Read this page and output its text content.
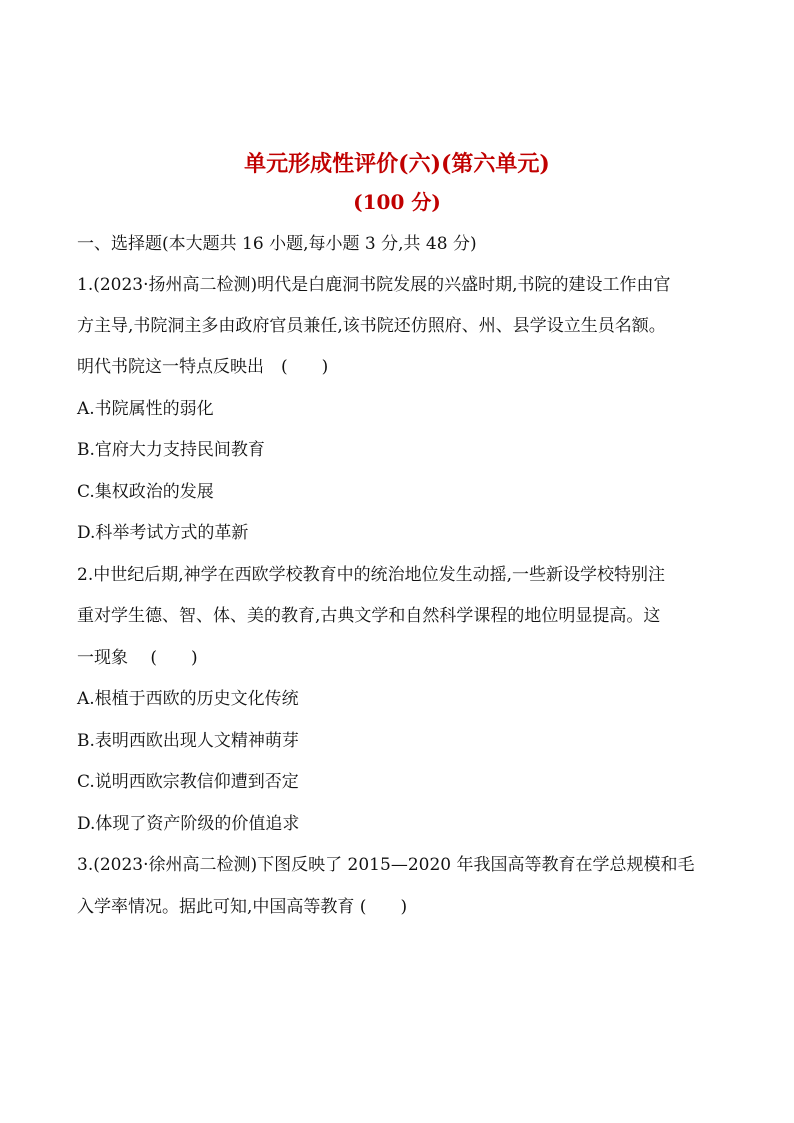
单元形成性评价(六)(第六单元)
(100 分)
一、选择题(本大题共 16 小题,每小题 3 分,共 48 分)
1.(2023·扬州高二检测)明代是白鹿洞书院发展的兴盛时期,书院的建设工作由官
方主导,书院洞主多由政府官员兼任,该书院还仿照府、州、县学设立生员名额。
明代书院这一特点反映出　(　　)
A.书院属性的弱化
B.官府大力支持民间教育
C.集权政治的发展
D.科举考试方式的革新
2.中世纪后期,神学在西欧学校教育中的统治地位发生动摇,一些新设学校特别注
重对学生德、智、体、美的教育,古典文学和自然科学课程的地位明显提高。这
一现象　 (　　)
A.根植于西欧的历史文化传统
B.表明西欧出现人文精神萌芽
C.说明西欧宗教信仰遭到否定
D.体现了资产阶级的价值追求
3.(2023·徐州高二检测)下图反映了 2015—2020 年我国高等教育在学总规模和毛
入学率情况。据此可知,中国高等教育 (　　)
